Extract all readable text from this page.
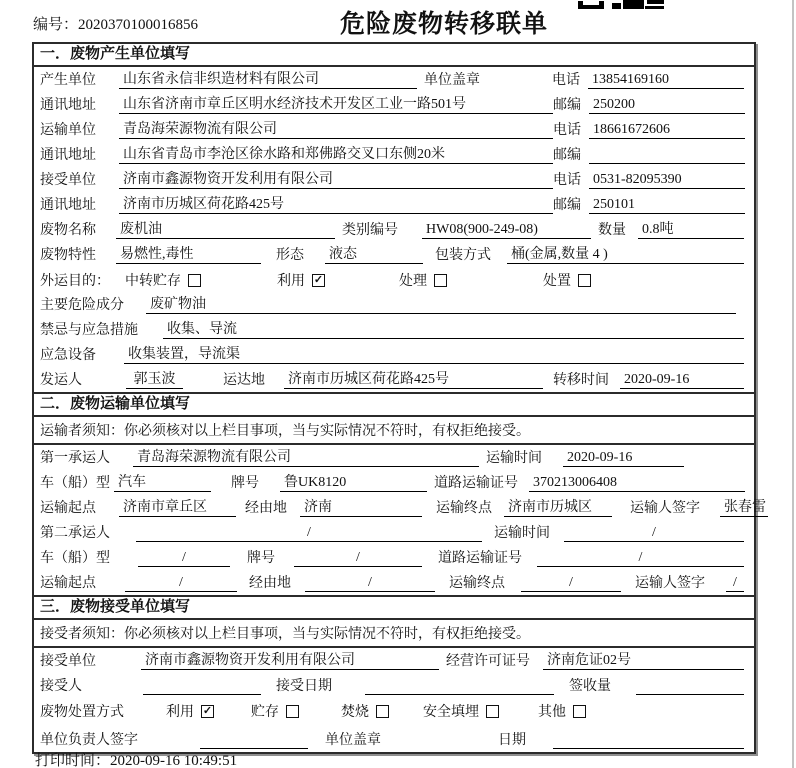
编号：2020370100016856	危险废物转移联单
一．废物产生单位填写
产生单位 山东省永信非织造材料有限公司	单位盖章	电话 13854169160
通讯地址 山东省济南市章丘区明水经济技术开发区工业一路501号	邮编 250200
运输单位 青岛海荣源物流有限公司	电话 18661672606
通讯地址 山东省青岛市李沧区徐水路和郑佛路交叉口东侧20米	邮编
接受单位 济南市鑫源物资开发利用有限公司	电话 0531-82095390
通讯地址 济南市历城区荷花路425号	邮编 250101
废物名称 废机油	类别编号 HW08(900-249-08)	数量 0.8吨
废物特性 易燃性,毒性	形态 液态	包装方式 桶(金属,数量 4 )
外运目的： 中转贮存	利用 ✓	处理	处置
主要危险成分 废矿物油
禁忌与应急措施 收集、导流
应急设备 收集装置，导流渠
发运人	郭玉波	运达地 济南市历城区荷花路425号	转移时间 2020-09-16
二．废物运输单位填写
运输者须知：你必须核对以上栏目事项，当与实际情况不符时，有权拒绝接受。
第一承运人 青岛海荣源物流有限公司	运输时间 2020-09-16
车（船）型 汽车	牌号 鲁UK8120	道路运输证号 370213006408
运输起点 济南市章丘区	经由地 济南	运输终点 济南市历城区	运输人签字 张春雷
第二承运人	/	运输时间	/
车（船）型	/	牌号	/	道路运输证号	/
运输起点	/	经由地	/	运输终点	/	运输人签字	/
三．废物接受单位填写
接受者须知：你必须核对以上栏目事项，当与实际情况不符时，有权拒绝接受。
接受单位	济南市鑫源物资开发利用有限公司	经营许可证号 济南危证02号
接受人	接受日期	签收量
废物处置方式	利用 ✓	贮存	焚烧	安全填埋	其他
单位负责人签字	单位盖章	日期
打印时间：2020-09-16 10:49:51
